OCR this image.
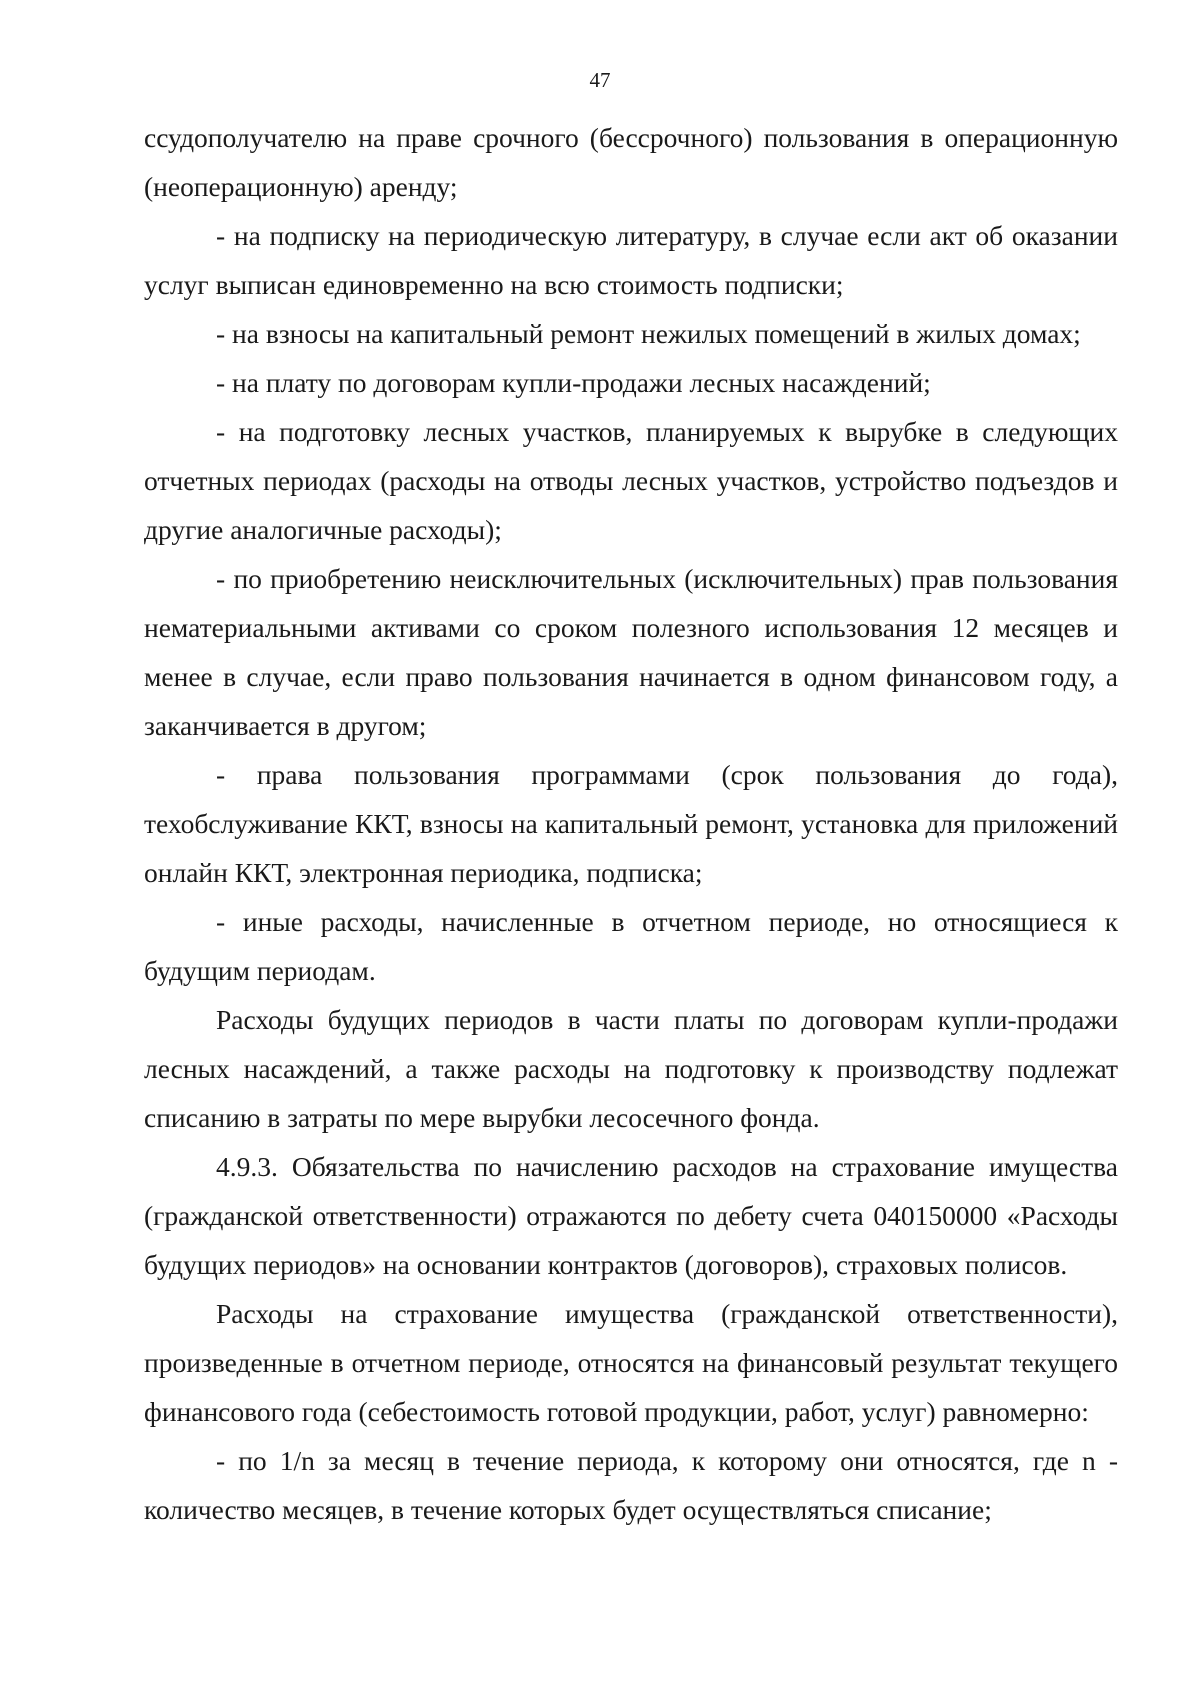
47

ссудополучателю на праве срочного (бессрочного) пользования в операционную (неоперационную) аренду;

- на подписку на периодическую литературу, в случае если акт об оказании услуг выписан единовременно на всю стоимость подписки;

- на взносы на капитальный ремонт нежилых помещений в жилых домах;

- на плату по договорам купли-продажи лесных насаждений;

- на подготовку лесных участков, планируемых к вырубке в следующих отчетных периодах (расходы на отводы лесных участков, устройство подъездов и другие аналогичные расходы);

- по приобретению неисключительных (исключительных) прав пользования нематериальными активами со сроком полезного использования 12 месяцев и менее в случае, если право пользования начинается в одном финансовом году, а заканчивается в другом;

- права пользования программами (срок пользования до года), техобслуживание ККТ, взносы на капитальный ремонт, установка для приложений онлайн ККТ, электронная периодика, подписка;

- иные расходы, начисленные в отчетном периоде, но относящиеся к будущим периодам.

Расходы будущих периодов в части платы по договорам купли-продажи лесных насаждений, а также расходы на подготовку к производству подлежат списанию в затраты по мере вырубки лесосечного фонда.

4.9.3. Обязательства по начислению расходов на страхование имущества (гражданской ответственности) отражаются по дебету счета 040150000 «Расходы будущих периодов» на основании контрактов (договоров), страховых полисов.

Расходы на страхование имущества (гражданской ответственности), произведенные в отчетном периоде, относятся на финансовый результат текущего финансового года (себестоимость готовой продукции, работ, услуг) равномерно:

- по 1/n за месяц в течение периода, к которому они относятся, где n - количество месяцев, в течение которых будет осуществляться списание;
